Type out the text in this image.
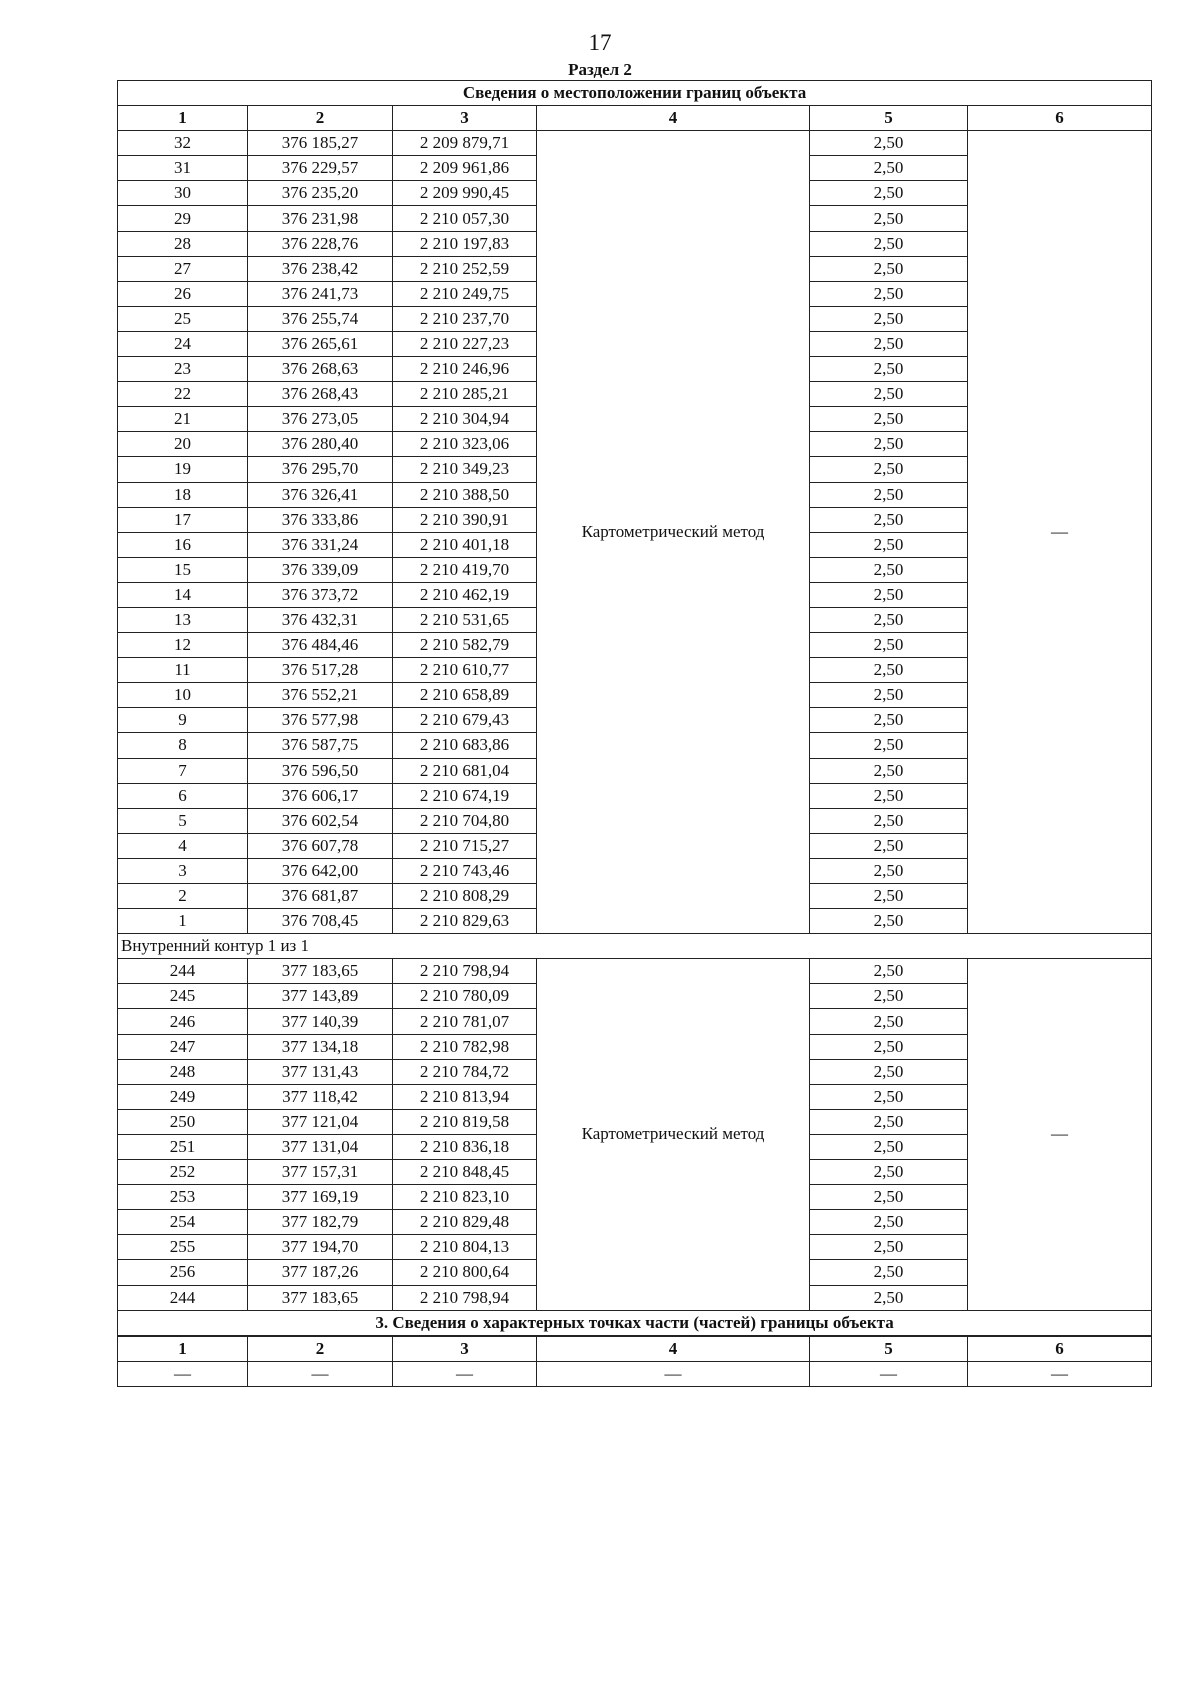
17
Раздел 2
Сведения о местоположении границ объекта					
1	2	3	4	5	6
32	376 185,27	2 209 879,71	Картометрический метод	2,50	—
31	376 229,57	2 209 961,86		2,50	
30	376 235,20	2 209 990,45		2,50	
29	376 231,98	2 210 057,30		2,50	
28	376 228,76	2 210 197,83		2,50	
27	376 238,42	2 210 252,59		2,50	
26	376 241,73	2 210 249,75		2,50	
25	376 255,74	2 210 237,70		2,50	
24	376 265,61	2 210 227,23		2,50	
23	376 268,63	2 210 246,96		2,50	
22	376 268,43	2 210 285,21		2,50	
21	376 273,05	2 210 304,94		2,50	
20	376 280,40	2 210 323,06		2,50	
19	376 295,70	2 210 349,23		2,50	
18	376 326,41	2 210 388,50		2,50	
17	376 333,86	2 210 390,91		2,50	
16	376 331,24	2 210 401,18		2,50	
15	376 339,09	2 210 419,70		2,50	
14	376 373,72	2 210 462,19		2,50	
13	376 432,31	2 210 531,65		2,50	
12	376 484,46	2 210 582,79		2,50	
11	376 517,28	2 210 610,77		2,50	
10	376 552,21	2 210 658,89		2,50	
9	376 577,98	2 210 679,43		2,50	
8	376 587,75	2 210 683,86		2,50	
7	376 596,50	2 210 681,04		2,50	
6	376 606,17	2 210 674,19		2,50	
5	376 602,54	2 210 704,80		2,50	
4	376 607,78	2 210 715,27		2,50	
3	376 642,00	2 210 743,46		2,50	
2	376 681,87	2 210 808,29		2,50	
1	376 708,45	2 210 829,63		2,50	
Внутренний контур 1 из 1					
244	377 183,65	2 210 798,94	Картометрический метод	2,50	—
245	377 143,89	2 210 780,09		2,50	
246	377 140,39	2 210 781,07		2,50	
247	377 134,18	2 210 782,98		2,50	
248	377 131,43	2 210 784,72		2,50	
249	377 118,42	2 210 813,94		2,50	
250	377 121,04	2 210 819,58		2,50	
251	377 131,04	2 210 836,18		2,50	
252	377 157,31	2 210 848,45		2,50	
253	377 169,19	2 210 823,10		2,50	
254	377 182,79	2 210 829,48		2,50	
255	377 194,70	2 210 804,13		2,50	
256	377 187,26	2 210 800,64		2,50	
244	377 183,65	2 210 798,94		2,50	
3. Сведения о характерных точках части (частей) границы объекта					
1	2	3	4	5	6
—	—	—	—	—	—
